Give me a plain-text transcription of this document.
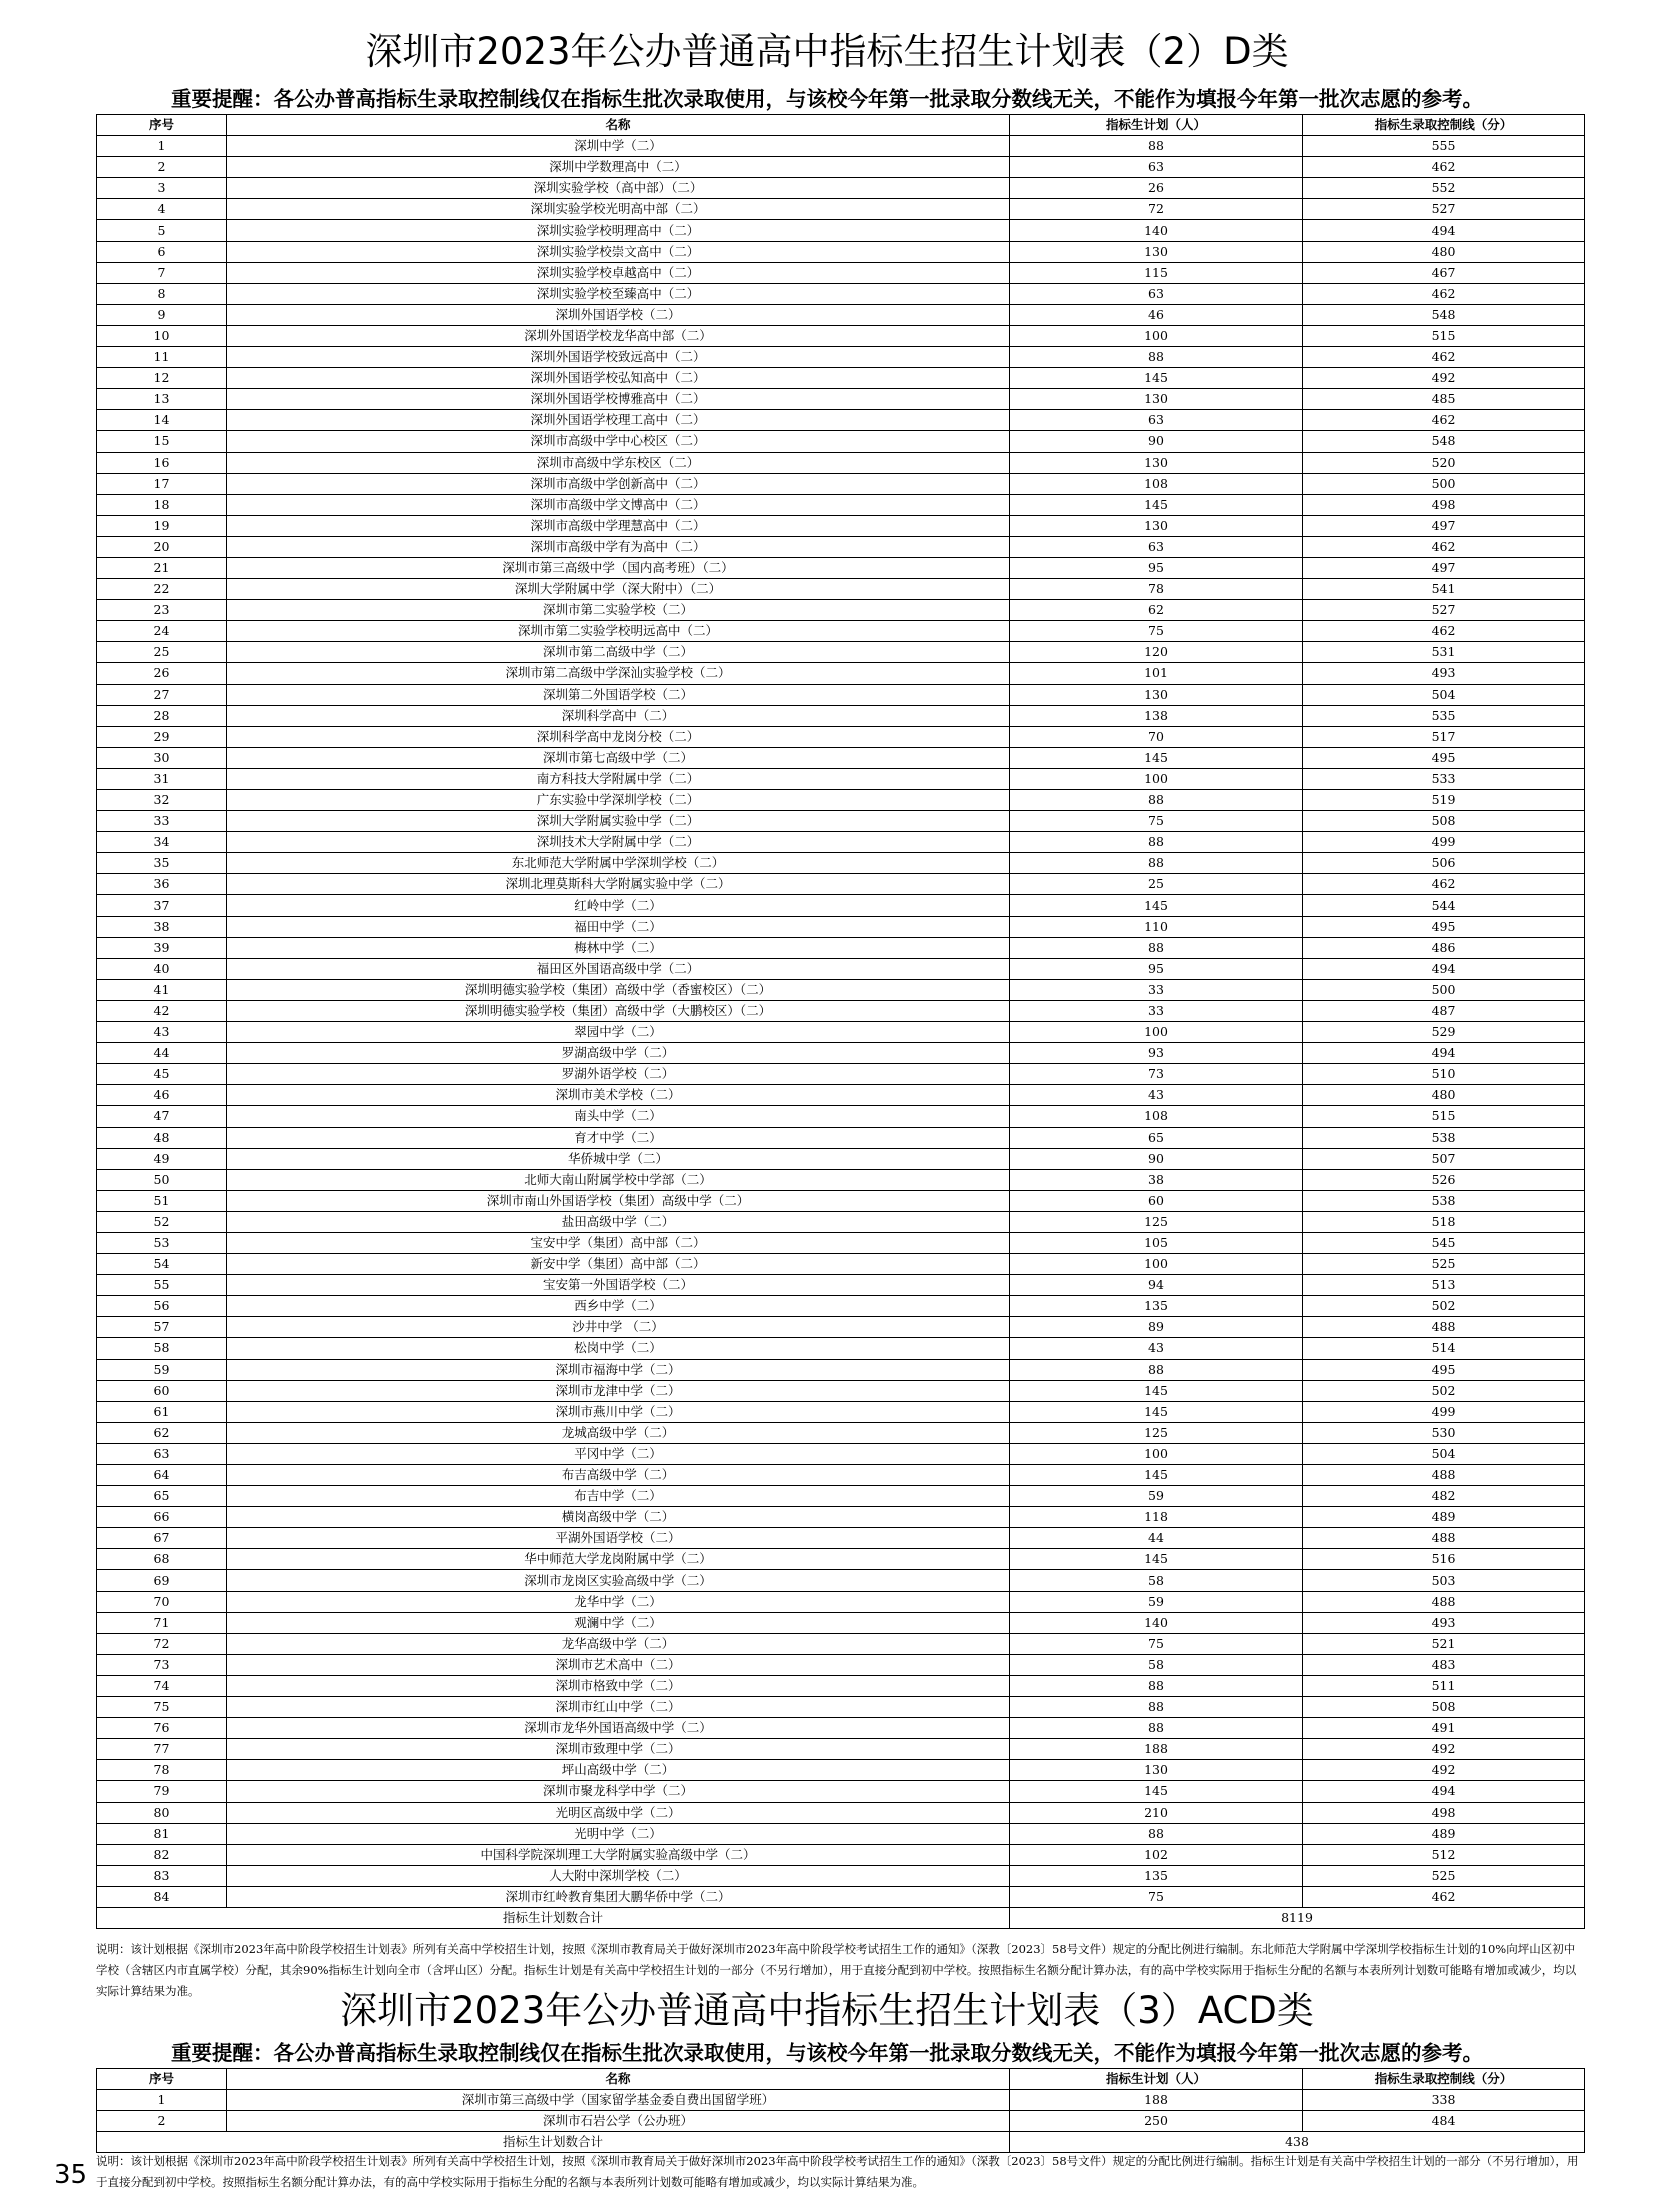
深圳市2023年公办普通高中指标生招生计划表（2）D类
重要提醒：各公办普高指标生录取控制线仅在指标生批次录取使用，与该校今年第一批录取分数线无关，不能作为填报今年第一批次志愿的参考。
序号	名称	指标生计划（人）	指标生录取控制线（分）
1	深圳中学（二）	88	555
2	深圳中学数理高中（二）	63	462
3	深圳实验学校（高中部）（二）	26	552
4	深圳实验学校光明高中部（二）	72	527
5	深圳实验学校明理高中（二）	140	494
6	深圳实验学校崇文高中（二）	130	480
7	深圳实验学校卓越高中（二）	115	467
8	深圳实验学校至臻高中（二）	63	462
9	深圳外国语学校（二）	46	548
10	深圳外国语学校龙华高中部（二）	100	515
11	深圳外国语学校致远高中（二）	88	462
12	深圳外国语学校弘知高中（二）	145	492
13	深圳外国语学校博雅高中（二）	130	485
14	深圳外国语学校理工高中（二）	63	462
15	深圳市高级中学中心校区（二）	90	548
16	深圳市高级中学东校区（二）	130	520
17	深圳市高级中学创新高中（二）	108	500
18	深圳市高级中学文博高中（二）	145	498
19	深圳市高级中学理慧高中（二）	130	497
20	深圳市高级中学有为高中（二）	63	462
21	深圳市第三高级中学（国内高考班）（二）	95	497
22	深圳大学附属中学（深大附中）（二）	78	541
23	深圳市第二实验学校（二）	62	527
24	深圳市第二实验学校明远高中（二）	75	462
25	深圳市第二高级中学（二）	120	531
26	深圳市第二高级中学深汕实验学校（二）	101	493
27	深圳第二外国语学校（二）	130	504
28	深圳科学高中（二）	138	535
29	深圳科学高中龙岗分校（二）	70	517
30	深圳市第七高级中学（二）	145	495
31	南方科技大学附属中学（二）	100	533
32	广东实验中学深圳学校（二）	88	519
33	深圳大学附属实验中学（二）	75	508
34	深圳技术大学附属中学（二）	88	499
35	东北师范大学附属中学深圳学校（二）	88	506
36	深圳北理莫斯科大学附属实验中学（二）	25	462
37	红岭中学（二）	145	544
38	福田中学（二）	110	495
39	梅林中学（二）	88	486
40	福田区外国语高级中学（二）	95	494
41	深圳明德实验学校（集团）高级中学（香蜜校区）（二）	33	500
42	深圳明德实验学校（集团）高级中学（大鹏校区）（二）	33	487
43	翠园中学（二）	100	529
44	罗湖高级中学（二）	93	494
45	罗湖外语学校（二）	73	510
46	深圳市美术学校（二）	43	480
47	南头中学（二）	108	515
48	育才中学（二）	65	538
49	华侨城中学（二）	90	507
50	北师大南山附属学校中学部（二）	38	526
51	深圳市南山外国语学校（集团）高级中学（二）	60	538
52	盐田高级中学（二）	125	518
53	宝安中学（集团）高中部（二）	105	545
54	新安中学（集团）高中部（二）	100	525
55	宝安第一外国语学校（二）	94	513
56	西乡中学（二）	135	502
57	沙井中学 （二）	89	488
58	松岗中学（二）	43	514
59	深圳市福海中学（二）	88	495
60	深圳市龙津中学（二）	145	502
61	深圳市燕川中学（二）	145	499
62	龙城高级中学（二）	125	530
63	平冈中学（二）	100	504
64	布吉高级中学（二）	145	488
65	布吉中学（二）	59	482
66	横岗高级中学（二）	118	489
67	平湖外国语学校（二）	44	488
68	华中师范大学龙岗附属中学（二）	145	516
69	深圳市龙岗区实验高级中学（二）	58	503
70	龙华中学（二）	59	488
71	观澜中学（二）	140	493
72	龙华高级中学（二）	75	521
73	深圳市艺术高中（二）	58	483
74	深圳市格致中学（二）	88	511
75	深圳市红山中学（二）	88	508
76	深圳市龙华外国语高级中学（二）	88	491
77	深圳市致理中学（二）	188	492
78	坪山高级中学（二）	130	492
79	深圳市聚龙科学中学（二）	145	494
80	光明区高级中学（二）	210	498
81	光明中学（二）	88	489
82	中国科学院深圳理工大学附属实验高级中学（二）	102	512
83	人大附中深圳学校（二）	135	525
84	深圳市红岭教育集团大鹏华侨中学（二）	75	462
指标生计划数合计		8119	
说明：该计划根据《深圳市2023年高中阶段学校招生计划表》所列有关高中学校招生计划，按照《深圳市教育局关于做好深圳市2023年高中阶段学校考试招生工作的通知》（深教〔2023〕58号文件）规定的分配比例进行编制。东北师范大学附属中学深圳学校指标生计划的10%向坪山区初中学校（含辖区内市直属学校）分配，其余90%指标生计划向全市（含坪山区）分配。指标生计划是有关高中学校招生计划的一部分（不另行增加），用于直接分配到初中学校。按照指标生名额分配计算办法，有的高中学校实际用于指标生分配的名额与本表所列计划数可能略有增加或减少，均以实际计算结果为准。	深圳市2023年公办普通高中指标生招生计划表（3）ACD类
重要提醒：各公办普高指标生录取控制线仅在指标生批次录取使用，与该校今年第一批录取分数线无关，不能作为填报今年第一批次志愿的参考。
序号	名称	指标生计划（人）	指标生录取控制线（分）
1	深圳市第三高级中学（国家留学基金委自费出国留学班）	188	338
2	深圳市石岩公学（公办班）	250	484
指标生计划数合计		438	
说明：该计划根据《深圳市2023年高中阶段学校招生计划表》所列有关高中学校招生计划，按照《深圳市教育局关于做好深圳市2023年高中阶段学校考试招生工作的通知》（深教〔2023〕58号文件）规定的分配比例进行编制。指标生计划是有关高中学校招生计划的一部分（不另行增加），用于直接分配到初中学校。按照指标生名额分配计算办法，有的高中学校实际用于指标生分配的名额与本表所列计划数可能略有增加或减少，均以实际计算结果为准。
35
